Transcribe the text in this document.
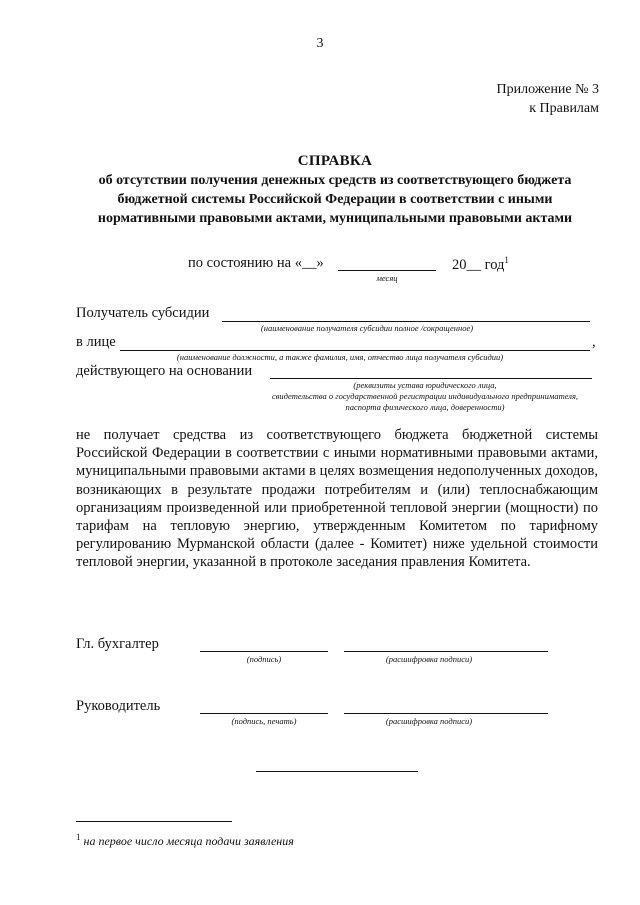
3
Приложение № 3
к Правилам
СПРАВКА
об отсутствии получения денежных средств из соответствующего бюджета
бюджетной системы Российской Федерации в соответствии с иными
нормативными правовыми актами, муниципальными правовыми актами
по состоянию на «__»	20__ год$^1$
месяц
Получатель субсидии
(наименование получателя субсидии полное /сокращенное)
в лице	,
(наименование должности, а также фамилия, имя, отчество лица получателя субсидии)
действующего на основании
(реквизиты устава юридического лица,
свидетельства о государственной регистрации индивидуального предпринимателя,
паспорта физического лица, доверенности)
не получает средства из соответствующего бюджета бюджетной системы Российской Федерации в соответствии с иными нормативными правовыми актами, муниципальными правовыми актами в целях возмещения недополученных доходов, возникающих в результате продажи потребителям и (или) теплоснабжающим организациям произведенной или приобретенной тепловой энергии (мощности) по тарифам на тепловую энергию, утвержденным Комитетом по тарифному регулированию Мурманской области (далее - Комитет) ниже удельной стоимости тепловой энергии, указанной в протоколе заседания правления Комитета.
Гл. бухгалтер
(подпись)	(расшифровка подписи)
Руководитель
(подпись, печать)	(расшифровка подписи)
$^1$ на первое число месяца подачи заявления
